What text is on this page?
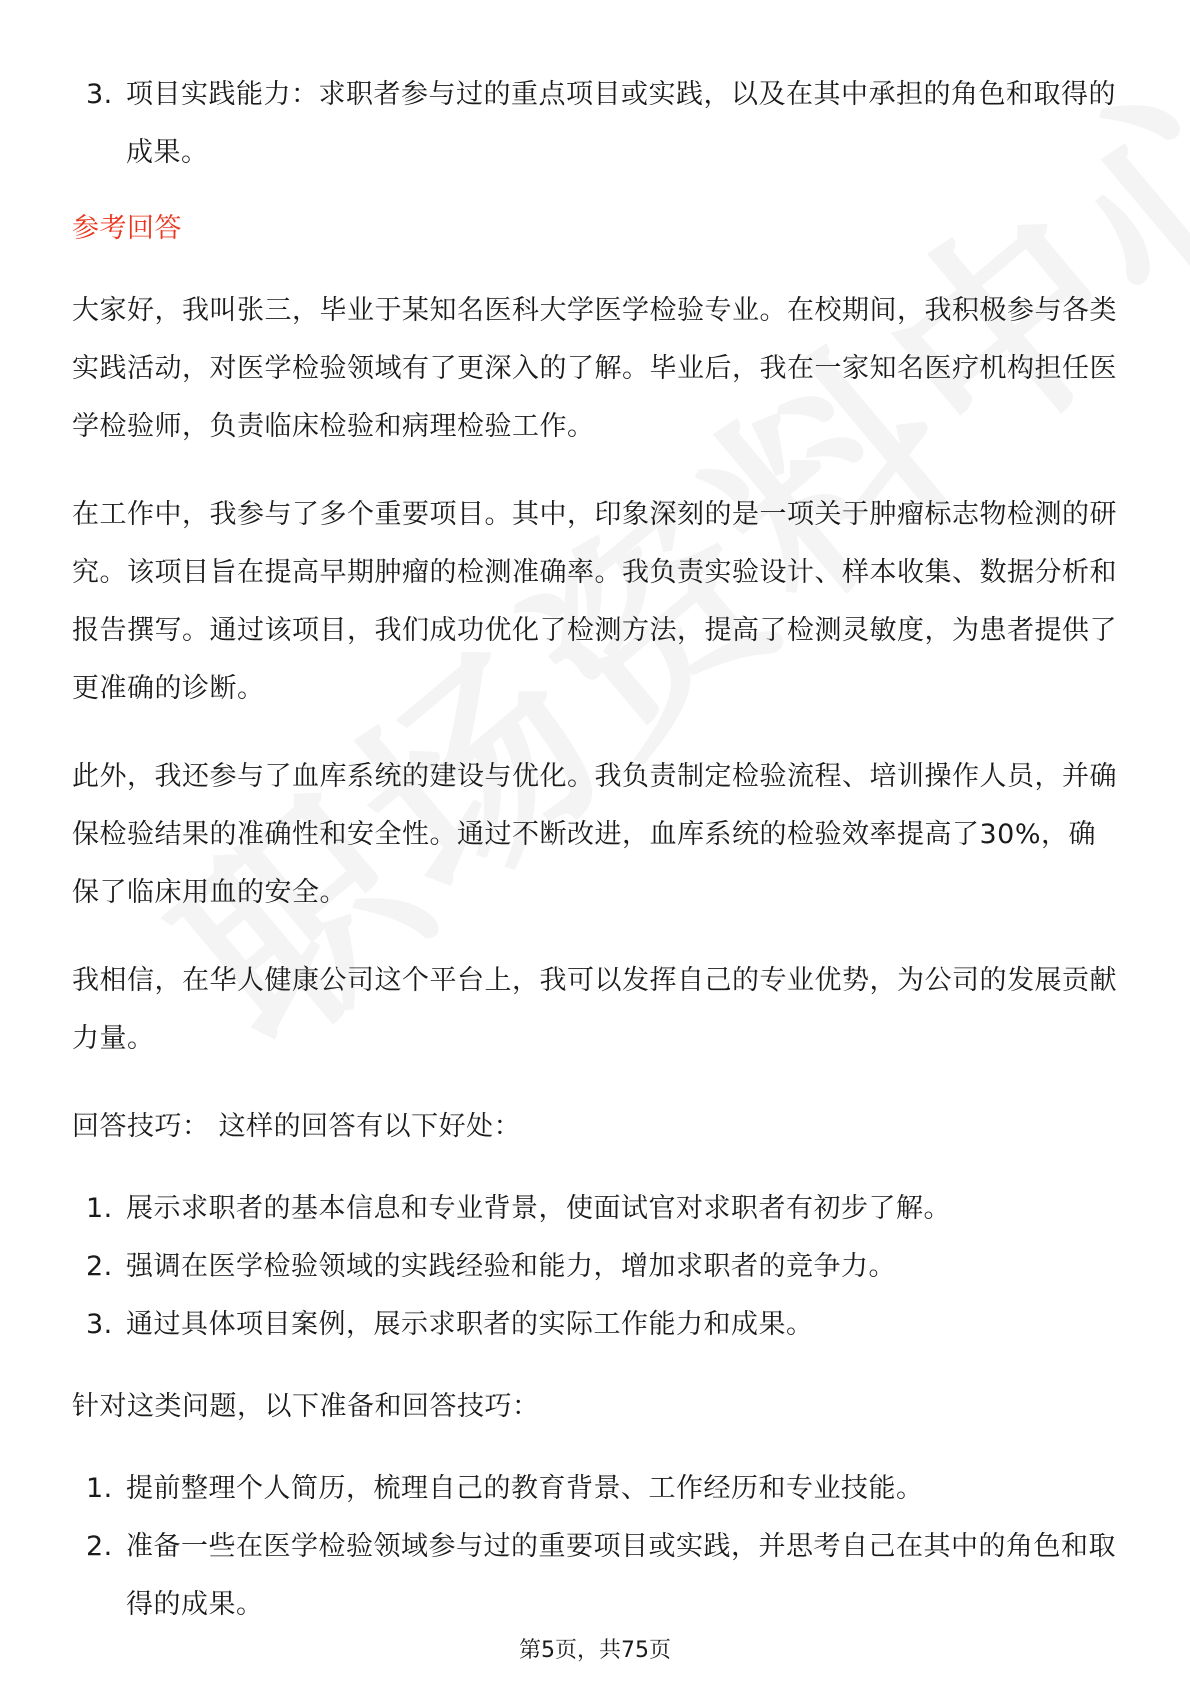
3. 项目实践能力：求职者参与过的重点项目或实践，以及在其中承担的角色和取得的成果。
参考回答

大家好，我叫张三，毕业于某知名医科大学医学检验专业。在校期间，我积极参与各类实践活动，对医学检验领域有了更深入的了解。毕业后，我在一家知名医疗机构担任医学检验师，负责临床检验和病理检验工作。

在工作中，我参与了多个重要项目。其中，印象深刻的是一项关于肿瘤标志物检测的研究。该项目旨在提高早期肿瘤的检测准确率。我负责实验设计、样本收集、数据分析和报告撰写。通过该项目，我们成功优化了检测方法，提高了检测灵敏度，为患者提供了更准确的诊断。

此外，我还参与了血库系统的建设与优化。我负责制定检验流程、培训操作人员，并确保检验结果的准确性和安全性。通过不断改进，血库系统的检验效率提高了30%，确保了临床用血的安全。

我相信，在华人健康公司这个平台上，我可以发挥自己的专业优势，为公司的发展贡献力量。

回答技巧： 这样的回答有以下好处：

1. 展示求职者的基本信息和专业背景，使面试官对求职者有初步了解。
2. 强调在医学检验领域的实践经验和能力，增加求职者的竞争力。
3. 通过具体项目案例，展示求职者的实际工作能力和成果。

针对这类问题，以下准备和回答技巧：

1. 提前整理个人简历，梳理自己的教育背景、工作经历和专业技能。
2. 准备一些在医学检验领域参与过的重要项目或实践，并思考自己在其中的角色和取得的成果。
第5页，共75页
